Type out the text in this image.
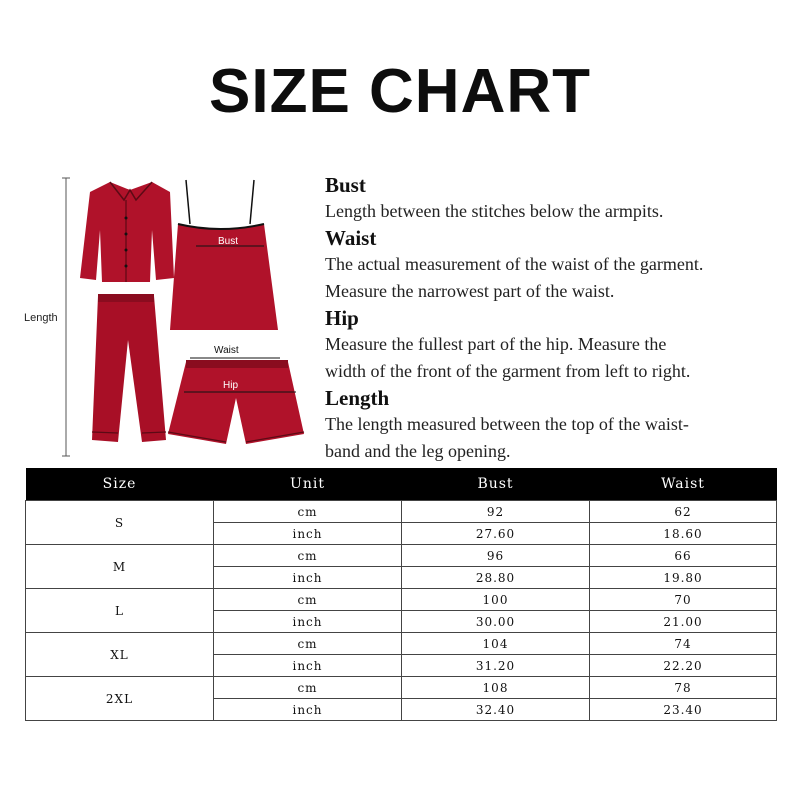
SIZE CHART
Bust
Waist
Hip
Length
Bust
Length between the stitches below the armpits.
Waist
The actual measurement of the waist of the garment.
Measure the narrowest part of the waist.
Hip
Measure the fullest part of the hip. Measure the
width of the front of the garment from left to right.
Length
The length measured between the top of the waist-
band and the leg opening.
Size	Unit	Bust	Waist
S	cm	92	62
	inch	27.60	18.60
M	cm	96	66
	inch	28.80	19.80
L	cm	100	70
	inch	30.00	21.00
XL	cm	104	74
	inch	31.20	22.20
2XL	cm	108	78
	inch	32.40	23.40
